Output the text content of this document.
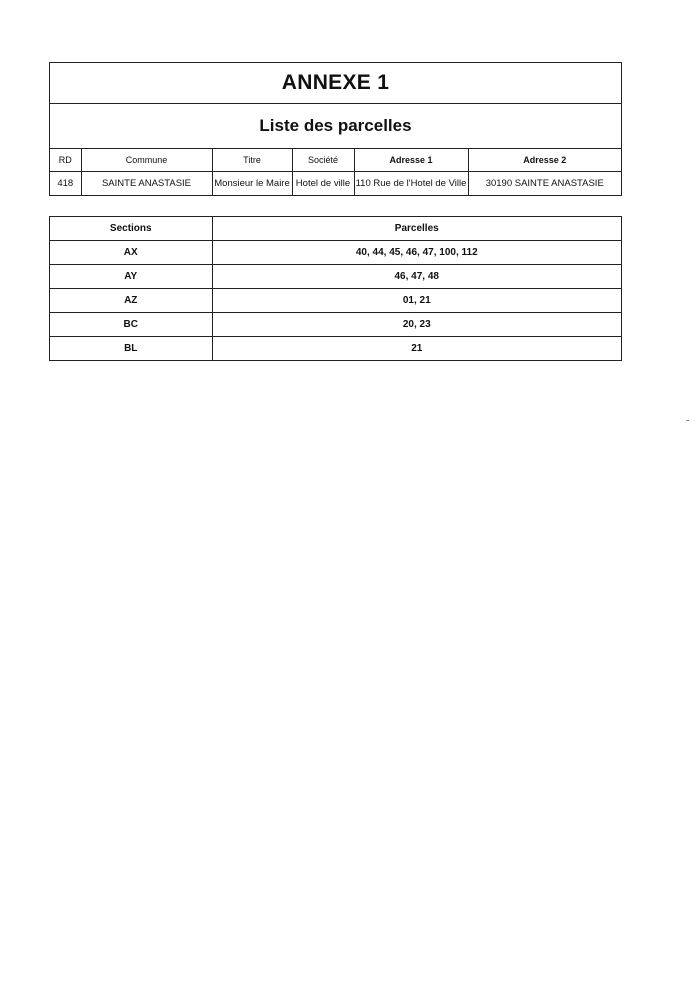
ANNEXE 1
Liste des parcelles
RD	Commune	Titre	Société	Adresse 1	Adresse 2
418	SAINTE ANASTASIE	Monsieur le Maire	Hotel de ville	110 Rue de l'Hotel de Ville	30190 SAINTE ANASTASIE
Sections	Parcelles
AX	40, 44, 45, 46, 47, 100, 112
AY	46, 47, 48
AZ	01, 21
BC	20, 23
BL	21
